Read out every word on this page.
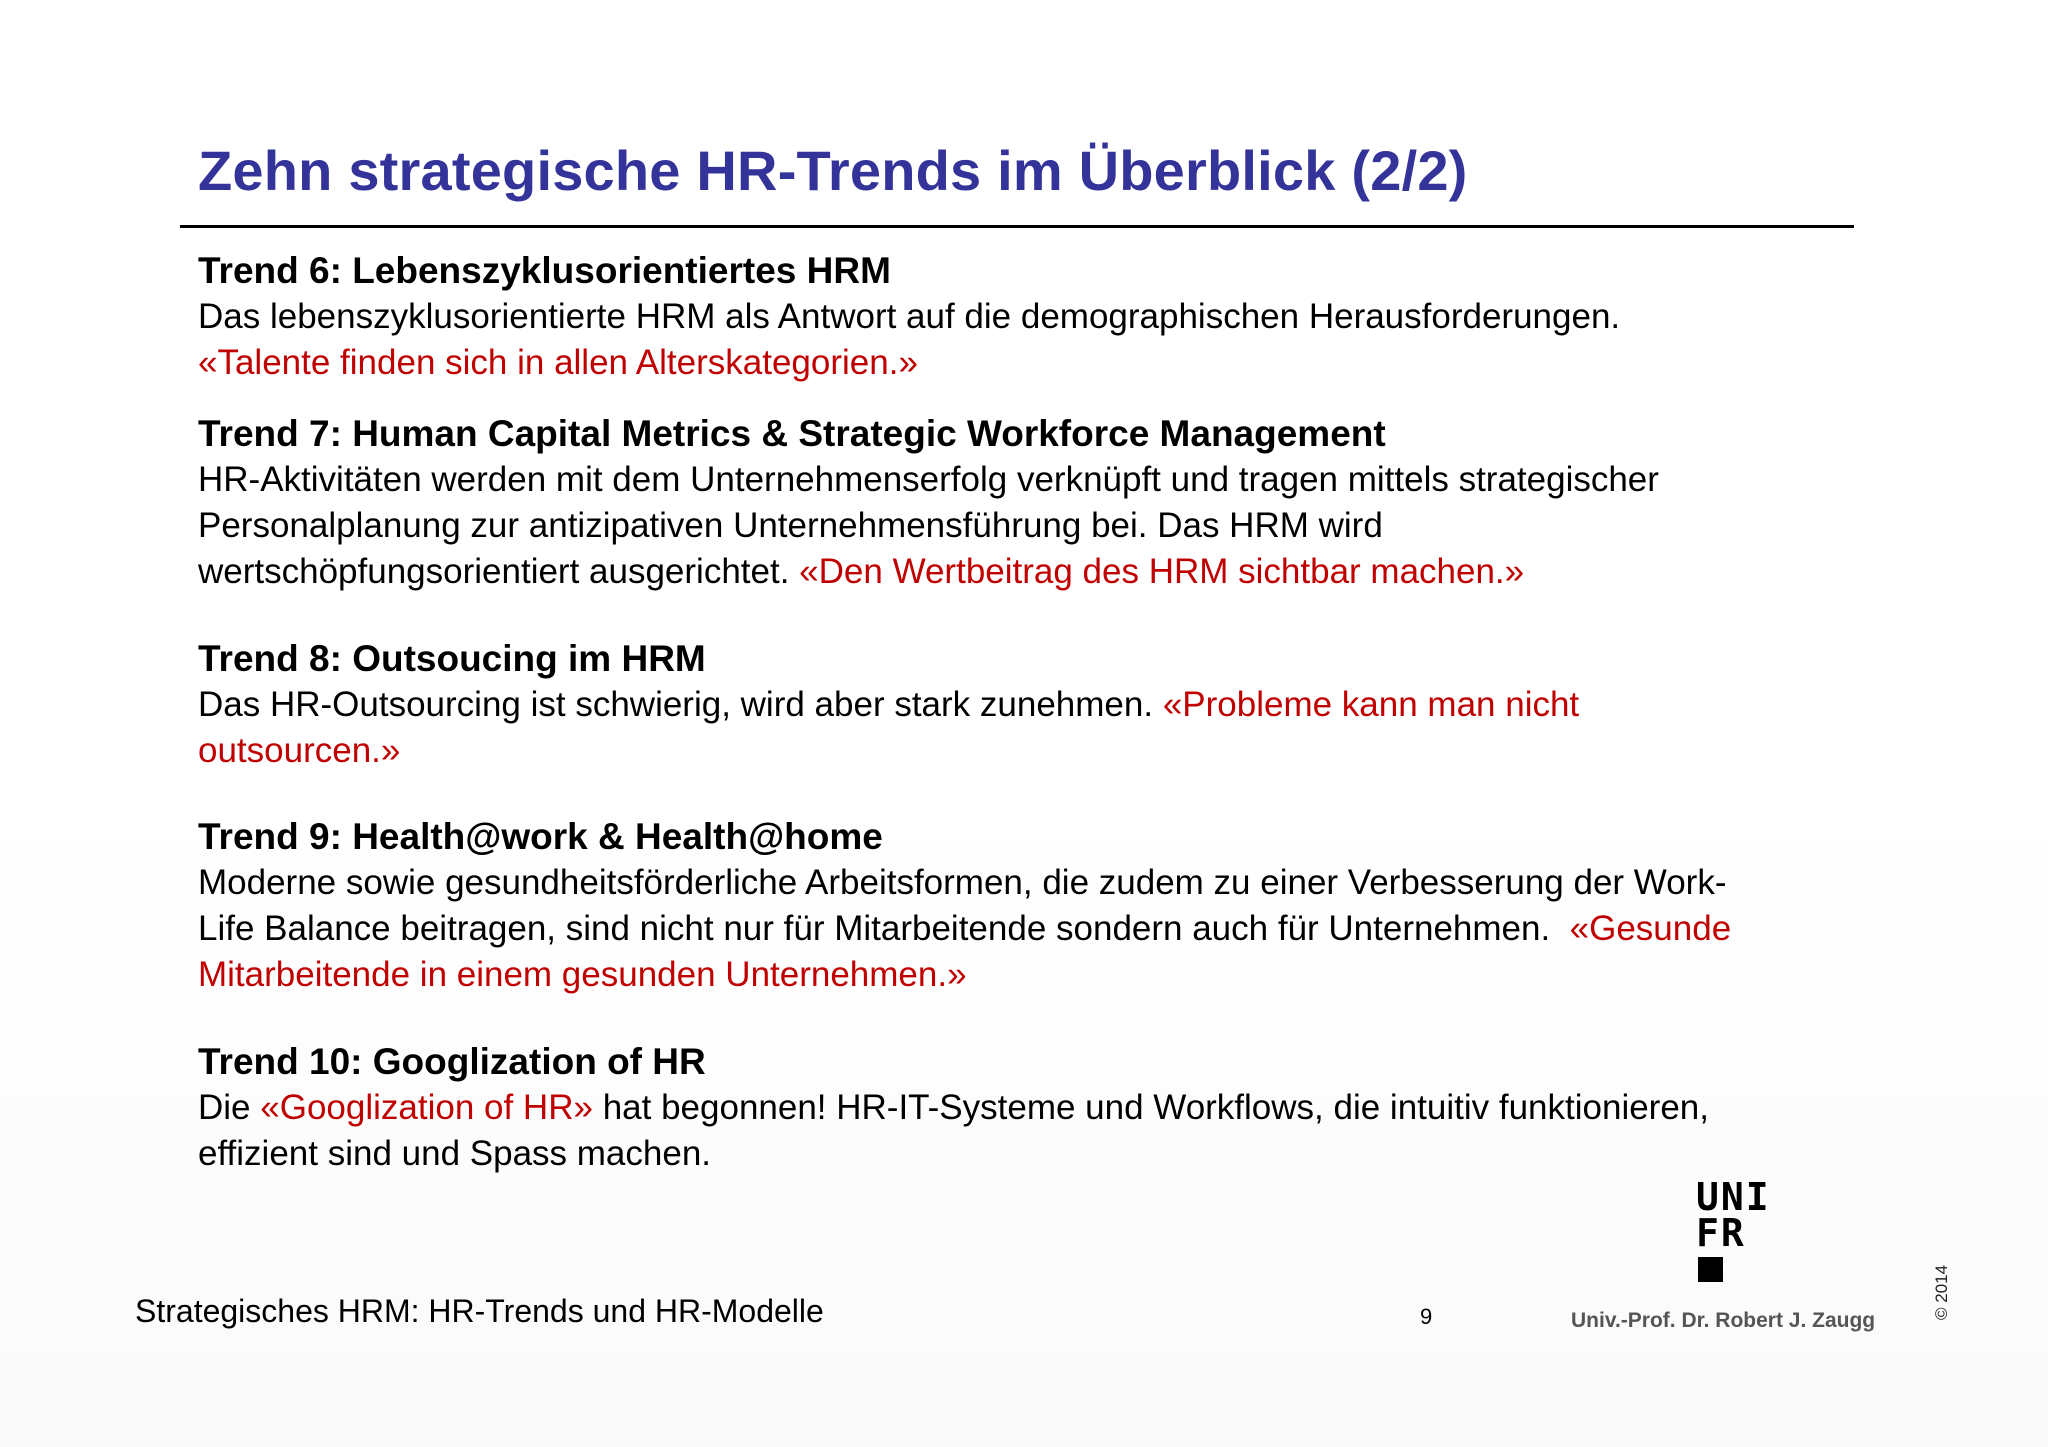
Zehn strategische HR-Trends im Überblick (2/2)
Trend 6: Lebenszyklusorientiertes HRM
Das lebenszyklusorientierte HRM als Antwort auf die demographischen Herausforderungen.
«Talente finden sich in allen Alterskategorien.»
Trend 7: Human Capital Metrics & Strategic Workforce Management
HR-Aktivitäten werden mit dem Unternehmenserfolg verknüpft und tragen mittels strategischer
Personalplanung zur antizipativen Unternehmensführung bei. Das HRM wird
wertschöpfungsorientiert ausgerichtet. «Den Wertbeitrag des HRM sichtbar machen.»
Trend 8: Outsoucing im HRM
Das HR-Outsourcing ist schwierig, wird aber stark zunehmen. «Probleme kann man nicht
outsourcen.»
Trend 9: Health@work & Health@home
Moderne sowie gesundheitsförderliche Arbeitsformen, die zudem zu einer Verbesserung der Work-
Life Balance beitragen, sind nicht nur für Mitarbeitende sondern auch für Unternehmen. «Gesunde
Mitarbeitende in einem gesunden Unternehmen.»
Trend 10: Googlization of HR
Die «Googlization of HR» hat begonnen! HR-IT-Systeme und Workflows, die intuitiv funktionieren,
effizient sind und Spass machen.
UNI
FR
Strategisches HRM: HR-Trends und HR-Modelle	9	Univ.-Prof. Dr. Robert J. Zaugg
© 2014
